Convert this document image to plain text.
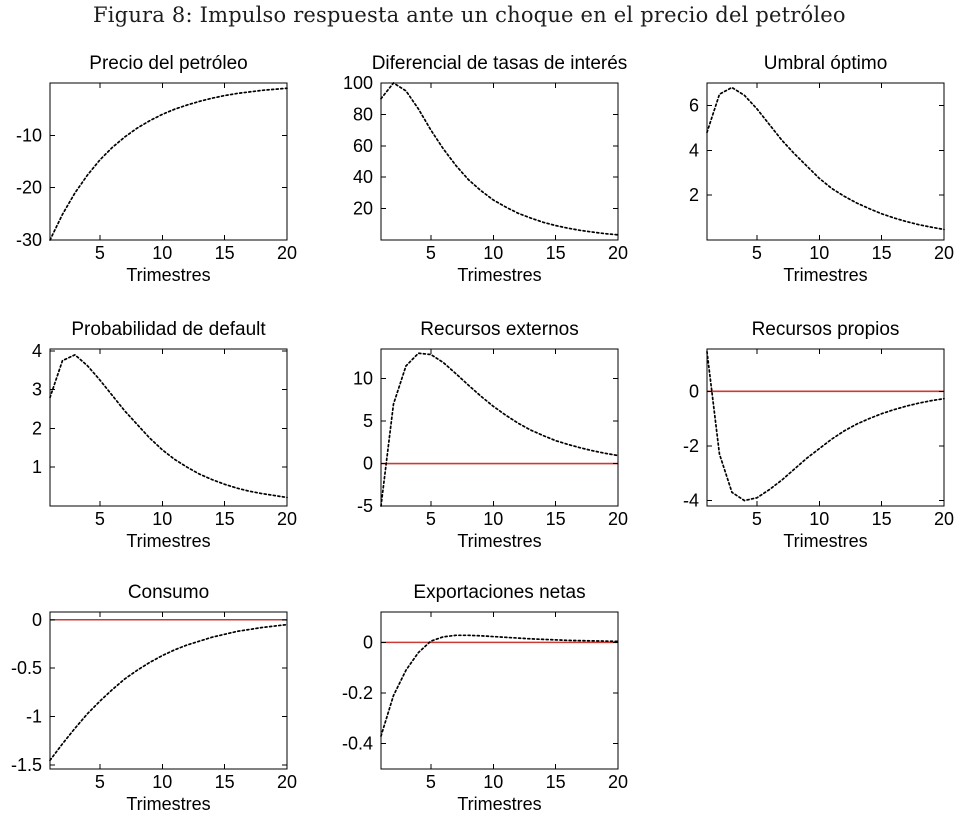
Figura 8: Impulso respuesta ante un choque en el precio del petróleo
Precio del petróleo
5	10 15 20
-30
-20
-10
Trimestres
Diferencial de tasas de interés
5	10 15 20
20
40
60
80
100
Trimestres
Umbral óptimo
5	10 15 20
2
4
6
Trimestres
Probabilidad de default
5	10 15 20
1
2
3
4
Trimestres
Recursos externos
5	10 15 20
-5
0
5
10
Trimestres
Recursos propios
5	10 15 20
-4
-2
0
Trimestres
Consumo
5	10 15 20
-1.5
-1
-0.5
0
Trimestres
Exportaciones netas
5	10 15 20
-0.4
-0.2
0
Trimestres
